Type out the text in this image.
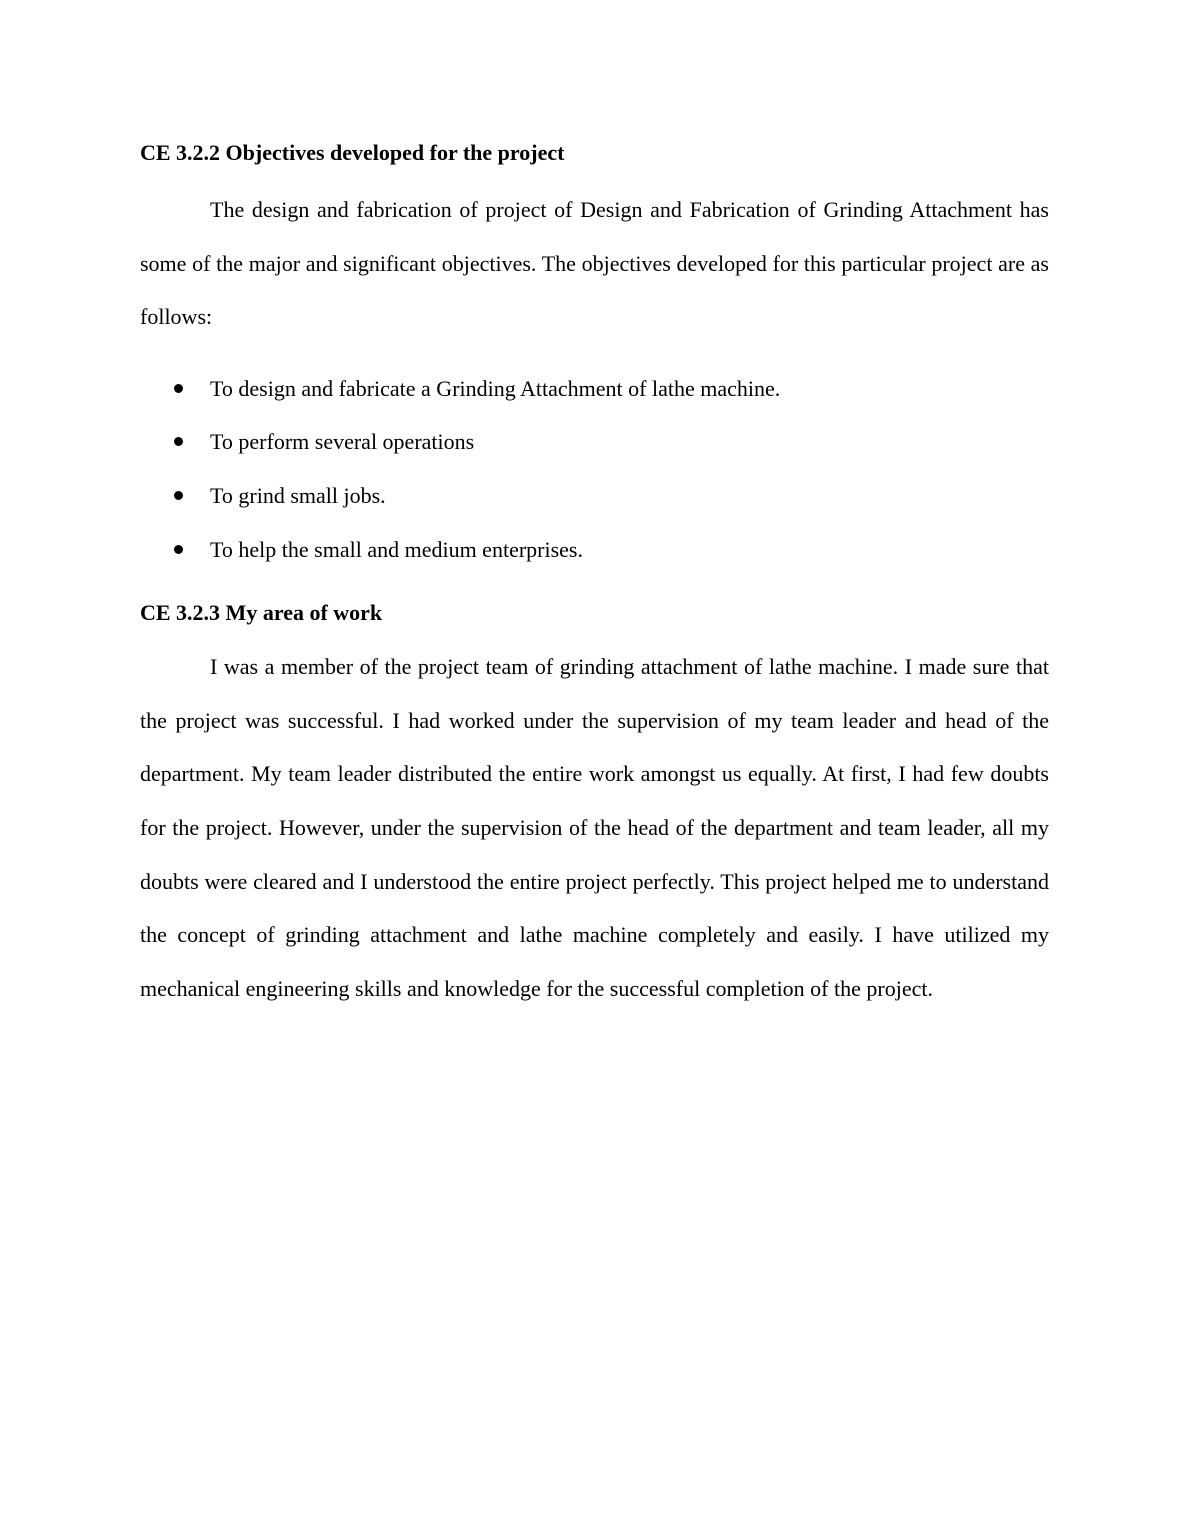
CE 3.2.2 Objectives developed for the project

The design and fabrication of project of Design and Fabrication of Grinding Attachment has some of the major and significant objectives. The objectives developed for this particular project are as follows:

To design and fabricate a Grinding Attachment of lathe machine.
To perform several operations
To grind small jobs.
To help the small and medium enterprises.
CE 3.2.3 My area of work

I was a member of the project team of grinding attachment of lathe machine. I made sure that the project was successful. I had worked under the supervision of my team leader and head of the department. My team leader distributed the entire work amongst us equally. At first, I had few doubts for the project. However, under the supervision of the head of the department and team leader, all my doubts were cleared and I understood the entire project perfectly. This project helped me to understand the concept of grinding attachment and lathe machine completely and easily. I have utilized my mechanical engineering skills and knowledge for the successful completion of the project.
